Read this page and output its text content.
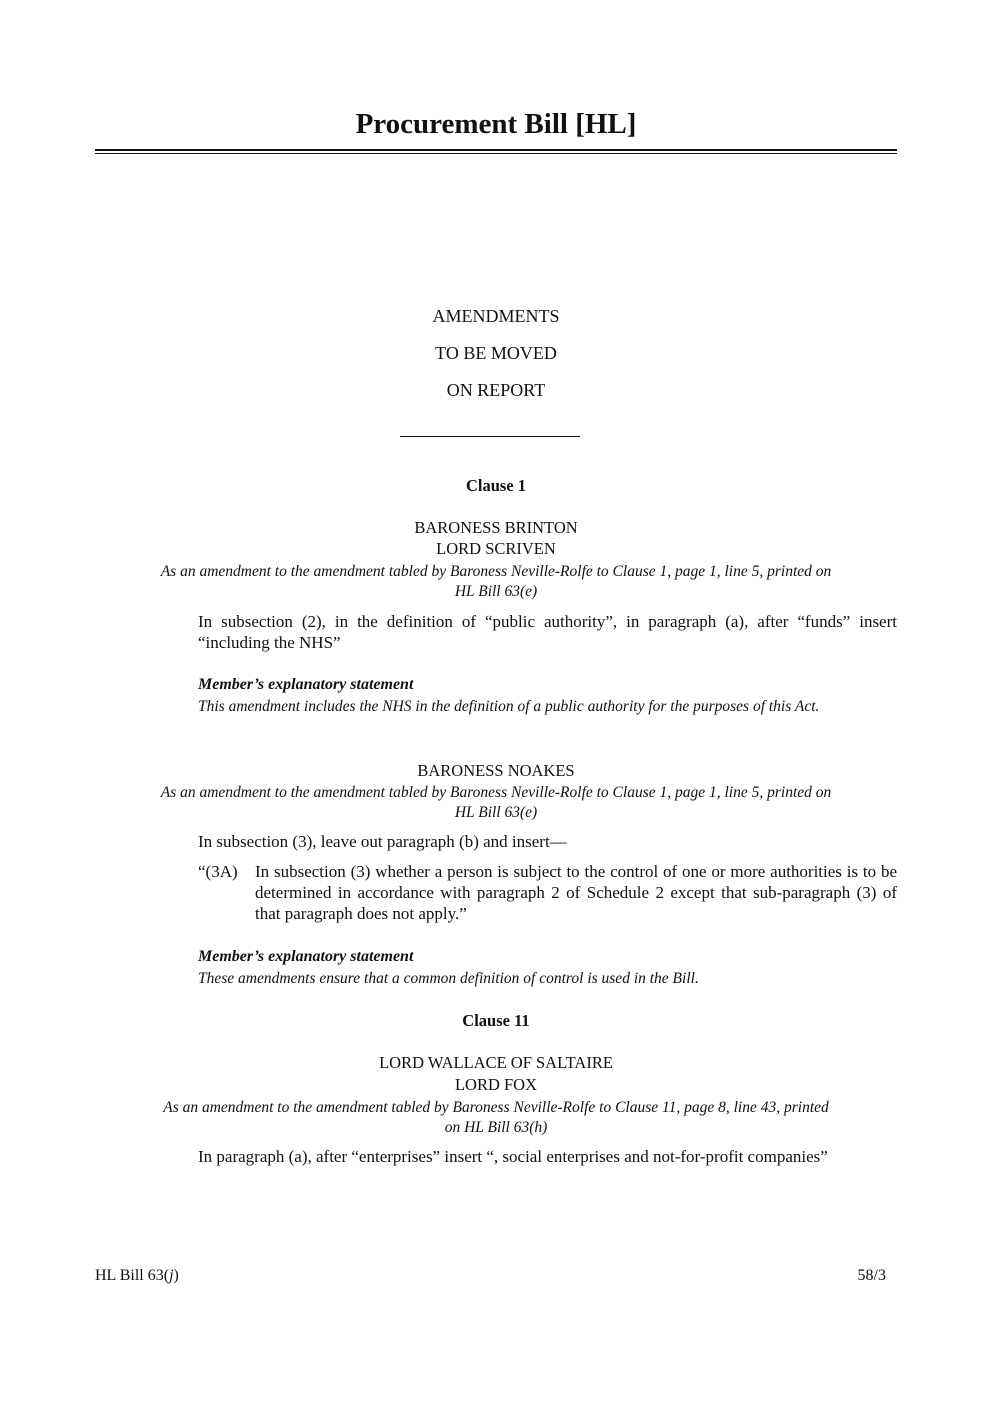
Procurement Bill [HL]
AMENDMENTS
TO BE MOVED
ON REPORT
Clause 1
BARONESS BRINTON
LORD SCRIVEN
As an amendment to the amendment tabled by Baroness Neville-Rolfe to Clause 1, page 1, line 5, printed on
HL Bill 63(e)
In subsection (2), in the definition of “public authority”, in paragraph (a), after “funds” insert “including the NHS”
Member’s explanatory statement
This amendment includes the NHS in the definition of a public authority for the purposes of this Act.
BARONESS NOAKES
As an amendment to the amendment tabled by Baroness Neville-Rolfe to Clause 1, page 1, line 5, printed on
HL Bill 63(e)
In subsection (3), leave out paragraph (b) and insert—
“(3A) In subsection (3) whether a person is subject to the control of one or more authorities is to be determined in accordance with paragraph 2 of Schedule 2 except that sub-paragraph (3) of that paragraph does not apply.”
Member’s explanatory statement
These amendments ensure that a common definition of control is used in the Bill.
Clause 11
LORD WALLACE OF SALTAIRE
LORD FOX
As an amendment to the amendment tabled by Baroness Neville-Rolfe to Clause 11, page 8, line 43, printed
on HL Bill 63(h)
In paragraph (a), after “enterprises” insert “, social enterprises and not-for-profit companies”
HL Bill 63(j)	58/3
